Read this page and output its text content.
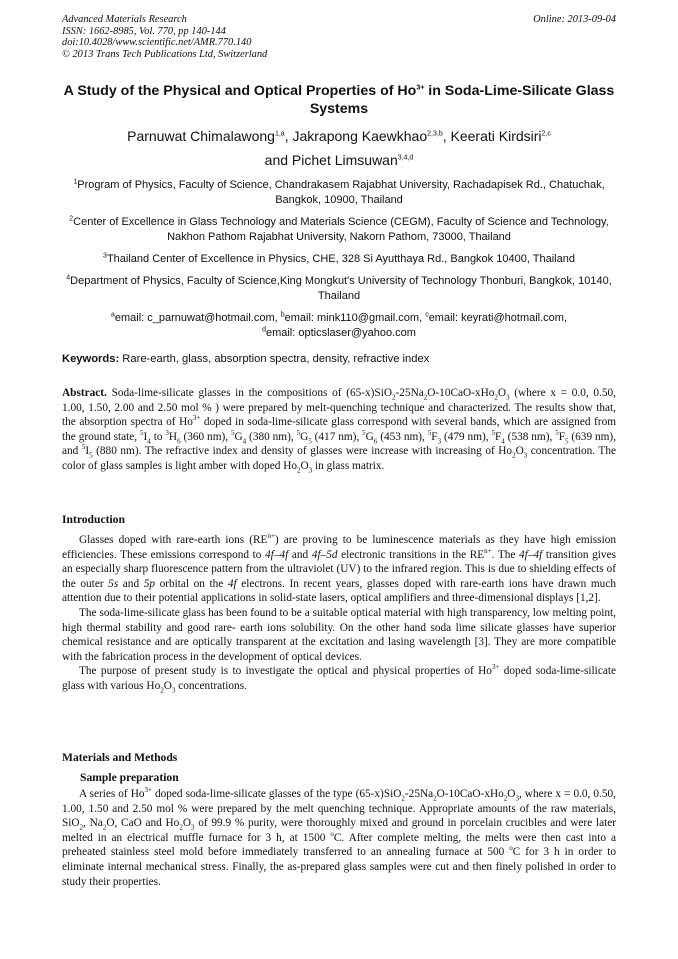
Advanced Materials Research
ISSN: 1662-8985, Vol. 770, pp 140-144
doi:10.4028/www.scientific.net/AMR.770.140
© 2013 Trans Tech Publications Ltd, Switzerland
Online: 2013-09-04
A Study of the Physical and Optical Properties of $Ho^{3+}$ in Soda-Lime-Silicate Glass Systems
Parnuwat Chimalawong$^{1,a}$, Jakrapong Kaewkhao$^{2,3,b}$, Keerati Kirdsiri$^{2,c}$
and Pichet Limsuwan$^{3,4,d}$
$^1$Program of Physics, Faculty of Science, Chandrakasem Rajabhat University, Rachadapisek Rd., Chatuchak, Bangkok, 10900, Thailand
$^2$Center of Excellence in Glass Technology and Materials Science (CEGM), Faculty of Science and Technology, Nakhon Pathom Rajabhat University, Nakorn Pathom, 73000, Thailand
$^3$Thailand Center of Excellence in Physics, CHE, 328 Si Ayutthaya Rd., Bangkok 10400, Thailand
$^4$Department of Physics, Faculty of Science,King Mongkut's University of Technology Thonburi, Bangkok, 10140, Thailand
$^a$email: c_parnuwat@hotmail.com, $^b$email: mink110@gmail.com, $^c$email: keyrati@hotmail.com,
$^d$email: opticslaser@yahoo.com
Keywords: Rare-earth, glass, absorption spectra, density, refractive index
Abstract. Soda-lime-silicate glasses in the compositions of $(65-x)SiO_2-25Na_2O-10CaO-xHo_2O_3$ (where x = 0.0, 0.50, 1.00, 1.50, 2.00 and 2.50 mol % ) were prepared by melt-quenching technique and characterized. The results show that, the absorption spectra of $Ho^{3+}$ doped in soda-lime-silicate glass correspond with several bands, which are assigned from the ground state, $^5I_4$ to $^3H_6$ (360 nm), $^5G_4$ (380 nm), $^5G_5$ (417 nm), $^5G_6$ (453 nm), $^5F_3$ (479 nm), $^5F_4$ (538 nm), $^5F_5$ (639 nm), and $^5I_5$ (880 nm). The refractive index and density of glasses were increase with increasing of $Ho_2O_3$ concentration. The color of glass samples is light amber with doped $Ho_2O_3$ in glass matrix.
Introduction

Glasses doped with rare-earth ions $(RE^{n+})$ are proving to be luminescence materials as they have high emission efficiencies. These emissions correspond to 4f–4f and 4f–5d electronic transitions in the $RE^{n+}$. The 4f–4f transition gives an especially sharp fluorescence pattern from the ultraviolet (UV) to the infrared region. This is due to shielding effects of the outer 5s and 5p orbital on the 4f electrons. In recent years, glasses doped with rare-earth ions have drawn much attention due to their potential applications in solid-state lasers, optical amplifiers and three-dimensional displays [1,2].

The soda-lime-silicate glass has been found to be a suitable optical material with high transparency, low melting point, high thermal stability and good rare- earth ions solubility. On the other hand soda lime silicate glasses have superior chemical resistance and are optically transparent at the excitation and lasing wavelength [3]. They are more compatible with the fabrication process in the development of optical devices.

The purpose of present study is to investigate the optical and physical properties of $Ho^{3+}$ doped soda-lime-silicate glass with various $Ho_2O_3$ concentrations.

Materials and Methods
Sample preparation

A series of $Ho^{3+}$ doped soda-lime-silicate glasses of the type $(65-x)SiO_2-25Na_2O-10CaO-xHo_2O_3$, where x = 0.0, 0.50, 1.00, 1.50 and 2.50 mol % were prepared by the melt quenching technique. Appropriate amounts of the raw materials, SiO$_2$, $Na_2O$, CaO and $Ho_2O_3$ of 99.9 % purity, were thoroughly mixed and ground in porcelain crucibles and were later melted in an electrical muffle furnace for 3 h, at 1500 $^o$C. After complete melting, the melts were then cast into a preheated stainless steel mold before immediately transferred to an annealing furnace at 500 $^o$C for 3 h in order to eliminate internal mechanical stress. Finally, the as-prepared glass samples were cut and then finely polished in order to study their properties.
